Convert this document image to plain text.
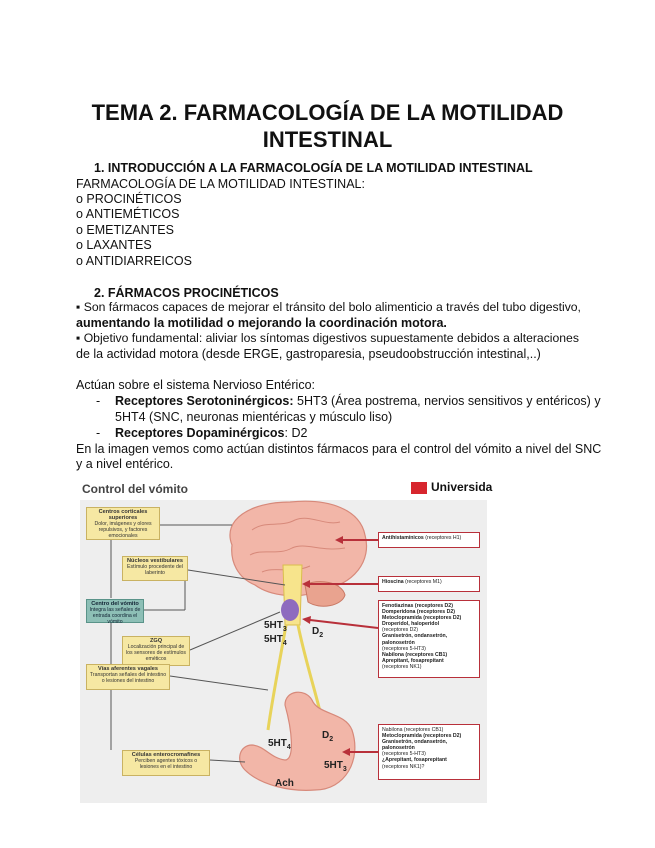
TEMA 2. FARMACOLOGÍA DE LA MOTILIDAD
INTESTINAL
1. INTRODUCCIÓN A LA FARMACOLOGÍA DE LA MOTILIDAD INTESTINAL
FARMACOLOGÍA DE LA MOTILIDAD INTESTINAL:
o PROCINÉTICOS
o ANTIEMÉTICOS
o EMETIZANTES
o LAXANTES
o ANTIDIARREICOS
2. FÁRMACOS PROCINÉTICOS
▪ Son fármacos capaces de mejorar el tránsito del bolo alimenticio a través del tubo digestivo,
aumentando la motilidad o mejorando la coordinación motora.
▪ Objetivo fundamental: aliviar los síntomas digestivos supuestamente debidos a alteraciones
de la actividad motora (desde ERGE, gastroparesia, pseudoobstrucción intestinal,..)
Actúan sobre el sistema Nervioso Entérico:
- Receptores Serotoninérgicos: 5HT3 (Área postrema, nervios sensitivos y entéricos) y
5HT4 (SNC, neuronas mientéricas y músculo liso)
- Receptores Dopaminérgicos: D2
En la imagen vemos como actúan distintos fármacos para el control del vómito a nivel del SNC
y a nivel entérico.
Control del vómito	Universida
Centros corticales superiores
Dolor, imágenes y olores repulsivos, y factores emocionales
Núcleos vestibulares
Estímulo procedente del laberinto
Centro del vómito
Integra las señales de entrada coordina el vómito
ZGQ
Localización principal de los sensores de estímulos eméticos
Vías aferentes vagales
Transportan señales del intestino o lesiones del intestino
Células enterocromafines
Perciben agentes tóxicos o lesiones en el intestino
Antihistamínicos (receptores H1)
Hioscina (receptores M1)
Fenotiazinas (receptores D2)
Domperidona (receptores D2)
Metoclopramida (receptores D2)
Droperidol, haloperidol
(receptores D2)
Granisetrón, ondansetrón,
palonosetrón
(receptores 5-HT3)
Nabilona (receptores CB1)
Aprepitant, fosaprepitant
(receptores NK1)
Nabilona (receptores CB1)
Metoclopramida (receptores D2)
Granisetrón, ondansetrón,
palonosetrón
(receptores 5-HT3)
¿Aprepitant, fosaprepitant
(receptores NK1)?
$5HT_3$
$5HT_4$
$D_2$
$5HT_4$
$D_2$
Ach
$5HT_3$
